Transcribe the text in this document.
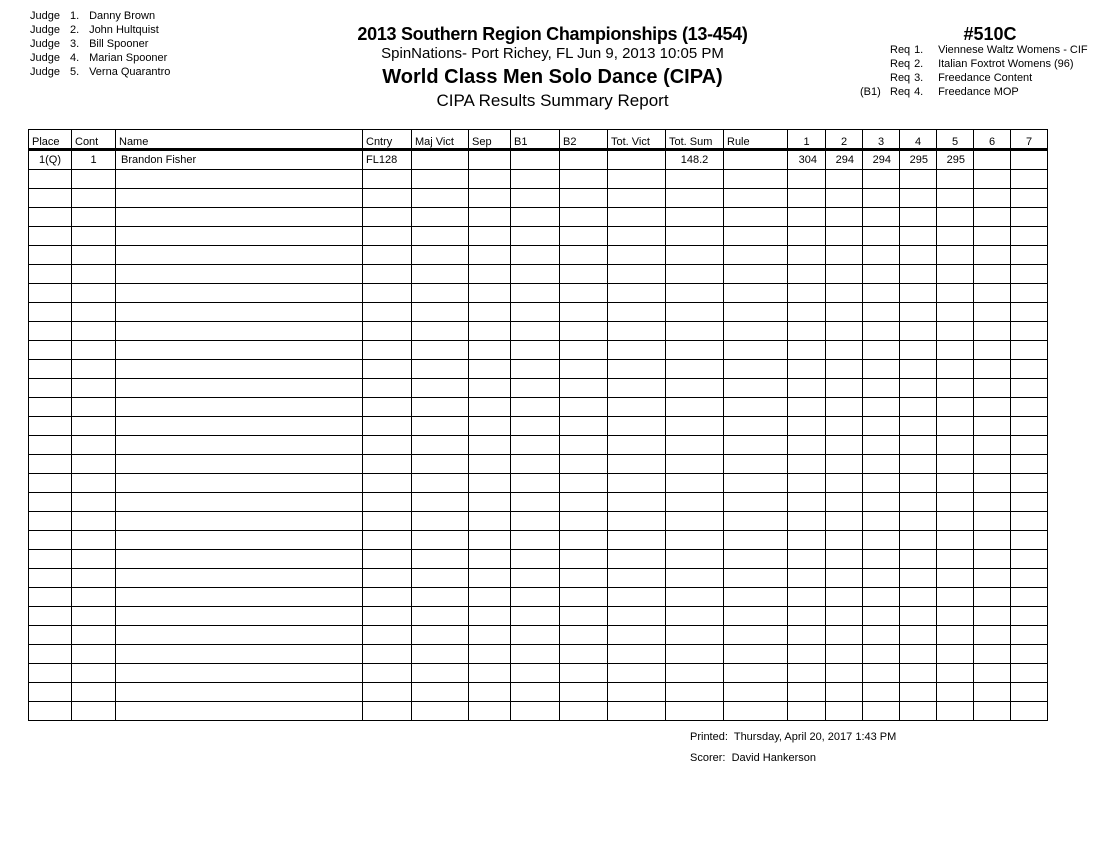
Judge 1. Danny Brown
Judge 2. John Hultquist
Judge 3. Bill Spooner
Judge 4. Marian Spooner
Judge 5. Verna Quarantro
2013 Southern Region Championships (13-454)
SpinNations- Port Richey, FL Jun 9, 2013 10:05 PM
World Class Men Solo Dance (CIPA)
CIPA Results Summary Report
#510C
Req 1. Viennese Waltz Womens - CIF
Req 2. Italian Foxtrot Womens (96)
Req 3. Freedance Content
(B1) Req 4. Freedance MOP
Place	Cont	Name	Cntry	Maj Vict	Sep	B1	B2	Tot. Vict	Tot. Sum	Rule	1	2	3	4	5	6	7
1(Q)	1	Brandon Fisher	FL128						148.2		304	294	294	295	295		

Printed: Thursday, April 20, 2017 1:43 PM
Scorer: David Hankerson
